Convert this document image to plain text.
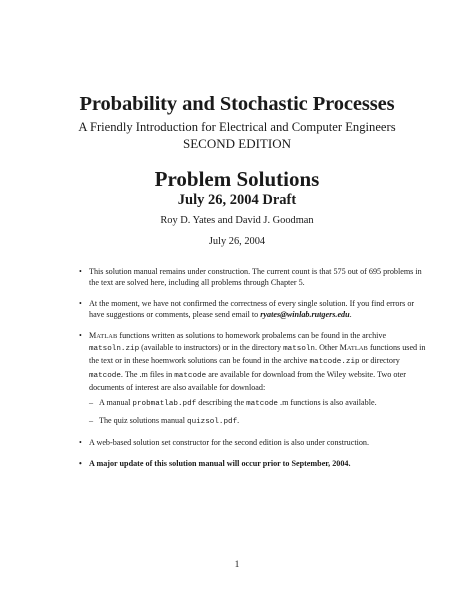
Probability and Stochastic Processes
A Friendly Introduction for Electrical and Computer Engineers
SECOND EDITION
Problem Solutions
July 26, 2004 Draft
Roy D. Yates and David J. Goodman
July 26, 2004
• This solution manual remains under construction. The current count is that 575 out of 695 problems in the text are solved here, including all problems through Chapter 5.
• At the moment, we have not confirmed the correctness of every single solution. If you find errors or have suggestions or comments, please send email to ryates@winlab.rutgers.edu.
• MATLAB functions written as solutions to homework probalems can be found in the archive matsoln.zip (available to instructors) or in the directory matsoln. Other MATLAB functions used in the text or in these hoemwork solutions can be found in the archive matcode.zip or directory matcode. The .m files in matcode are available for download from the Wiley website. Two oter documents of interest are also available for download:
– A manual probmatlab.pdf describing the matcode .m functions is also available.
– The quiz solutions manual quizsol.pdf.
• A web-based solution set constructor for the second edition is also under construction.
• A major update of this solution manual will occur prior to September, 2004.
1
